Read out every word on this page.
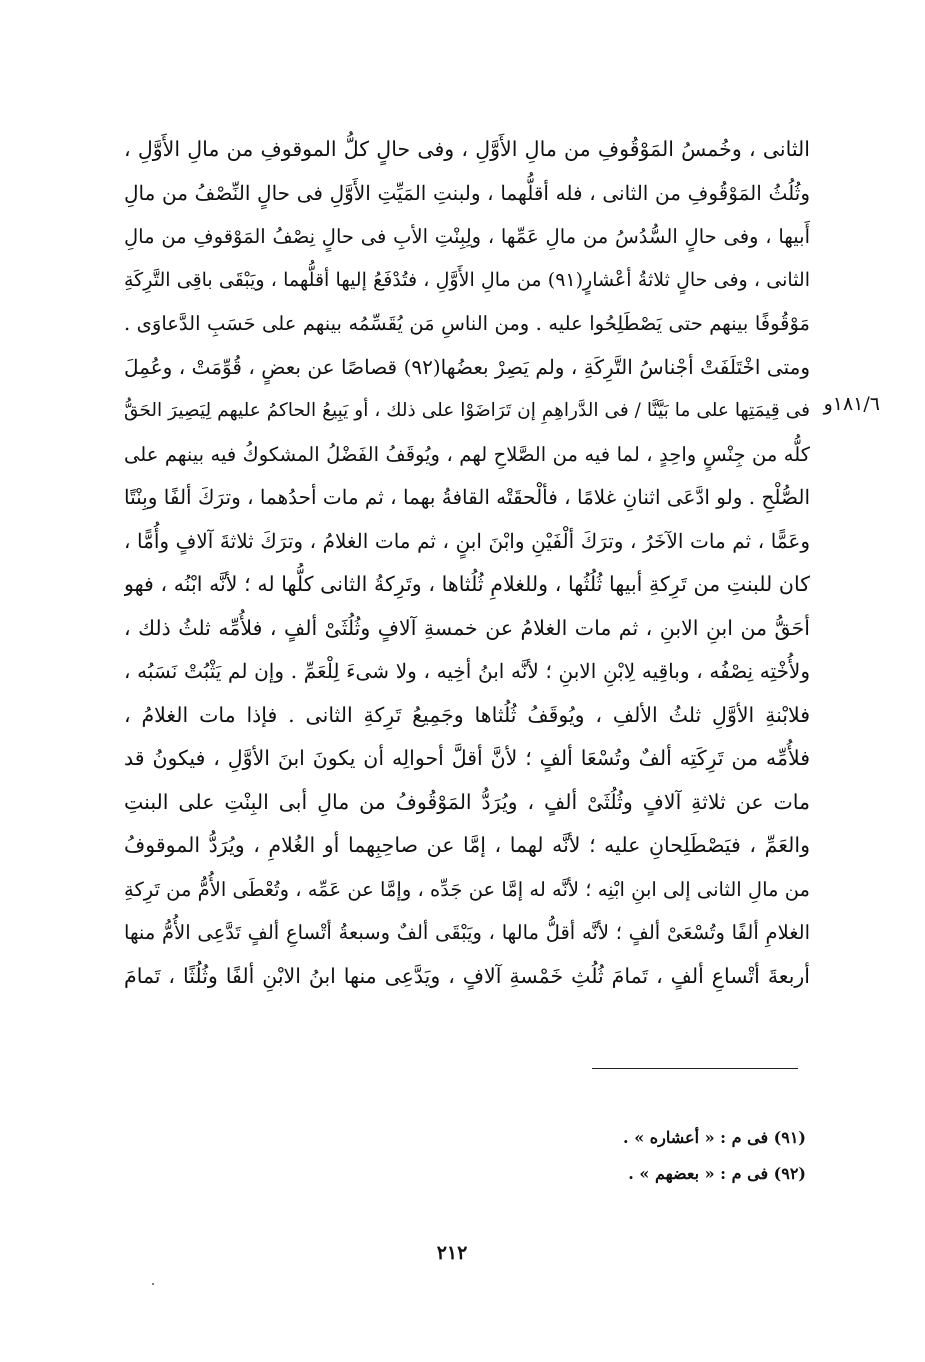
١٨١/٦و
الثانى ، وخُمسُ المَوْقُوفِ من مالِ الأَوَّلِ ، وفى حالٍ كلُّ الموقوفِ من مالِ الأَوَّلِ ،
وثُلُثُ المَوْقُوفِ من الثانى ، فله أقلُّهما ، ولبنتِ المَيِّتِ الأَوَّلِ فى حالٍ النِّصْفُ من مالِ
أَبيها ، وفى حالٍ السُّدُسُ من مالِ عَمِّها ، ولِبِنْتِ الأبِ فى حالٍ نِصْفُ المَوْقوفِ من مالِ
الثانى ، وفى حالٍ ثلاثةُ أعْشارٍ(٩١) من مالِ الأَوَّلِ ، فتُدْفَعُ إليها أقلُّهما ، ويَبْقَى باقِى التَّرِكَةِ
مَوْقُوفًا بينهم حتى يَصْطَلِحُوا عليه . ومن الناسِ مَن يُقَسِّمُه بينهم على حَسَبِ الدَّعاوَى .
ومتى اخْتَلَفَتْ أجْناسُ التَّرِكَةِ ، ولم يَصِرْ بعضُها(٩٢) قصاصًا عن بعضٍ ، قُوِّمَتْ ، وعُمِلَ
فى قِيمَتِها على ما بَيَّنَّا / فى الدَّراهِمِ إن تَرَاضَوْا على ذلك ، أو يَبِيعُ الحاكمُ عليهم لِيَصِيرَ الحَقُّ
كلُّه من جِنْسٍ واحِدٍ ، لما فيه من الصَّلاحِ لهم ، ويُوقَفُ الفَضْلُ المشكوكُ فيه بينهم على
الصُّلْحِ . ولو ادَّعَى اثنانِ غلامًا ، فألْحقَتْه القافةُ بهما ، ثم مات أحدُهما ، وترَكَ ألفًا وبِنْتًا
وعَمًّا ، ثم مات الآخَرُ ، وترَكَ ألْفَيْنِ وابْنَ ابنٍ ، ثم مات الغلامُ ، وترَكَ ثلاثةَ آلافٍ وأُمًّا ،
كان للبنتِ من تَرِكةِ أبيها ثُلُثُها ، وللغلامِ ثُلُثاها ، وتَرِكةُ الثانى كلُّها له ؛ لأنَّه ابْنُه ، فهو
أحَقُّ من ابنِ الابنِ ، ثم مات الغلامُ عن خمسةِ آلافٍ وثُلُثَىْ ألفٍ ، فلأُمِّه ثلثُ ذلك ،
ولأُخْتِه نِصْفُه ، وباقِيه لِابْنِ الابنِ ؛ لأنَّه ابنُ أخِيه ، ولا شىءَ لِلْعَمِّ . وإن لم يَثْبُتْ نَسَبُه ،
فلابْنةِ الأوَّلِ ثلثُ الألفِ ، ويُوقَفُ ثُلُثاها وجَمِيعُ تَرِكةِ الثانى . فإذا مات الغلامُ ،
فلأُمِّه من تَرِكَتِه ألفٌ وتُسْعَا ألفٍ ؛ لأنَّ أقلَّ أحوالِه أن يكونَ ابنَ الأوَّلِ ، فيكونُ قد
مات عن ثلاثةِ آلافٍ وثُلُثَىْ ألفٍ ، ويُرَدُّ المَوْقُوفُ من مالِ أبى البِنْتِ على البنتِ
والعَمِّ ، فيَصْطَلِحانِ عليه ؛ لأنَّه لهما ، إمَّا عن صاحِبِهما أو الغُلامِ ، ويُرَدُّ الموقوفُ
من مالِ الثانى إلى ابنِ ابْنِه ؛ لأنَّه له إمَّا عن جَدِّه ، وإمَّا عن عَمِّه ، وتُعْطَى الأُمُّ من تَرِكةِ
الغلامِ ألفًا وتُسْعَىْ ألفٍ ؛ لأنَّه أقلُّ مالها ، ويَبْقَى ألفٌ وسبعةُ أتْساعِ ألفٍ تَدَّعِى الأُمُّ منها
أربعةَ أتْساعِ ألفٍ ، تَمامَ ثُلُثِ خَمْسةِ آلافٍ ، ويَدَّعِى منها ابنُ الابْنِ ألفًا وثُلُثًا ، تَمامَ
(٩١) فى م : « أعشاره » .
(٩٢) فى م : « بعضهم » .
٢١٢
